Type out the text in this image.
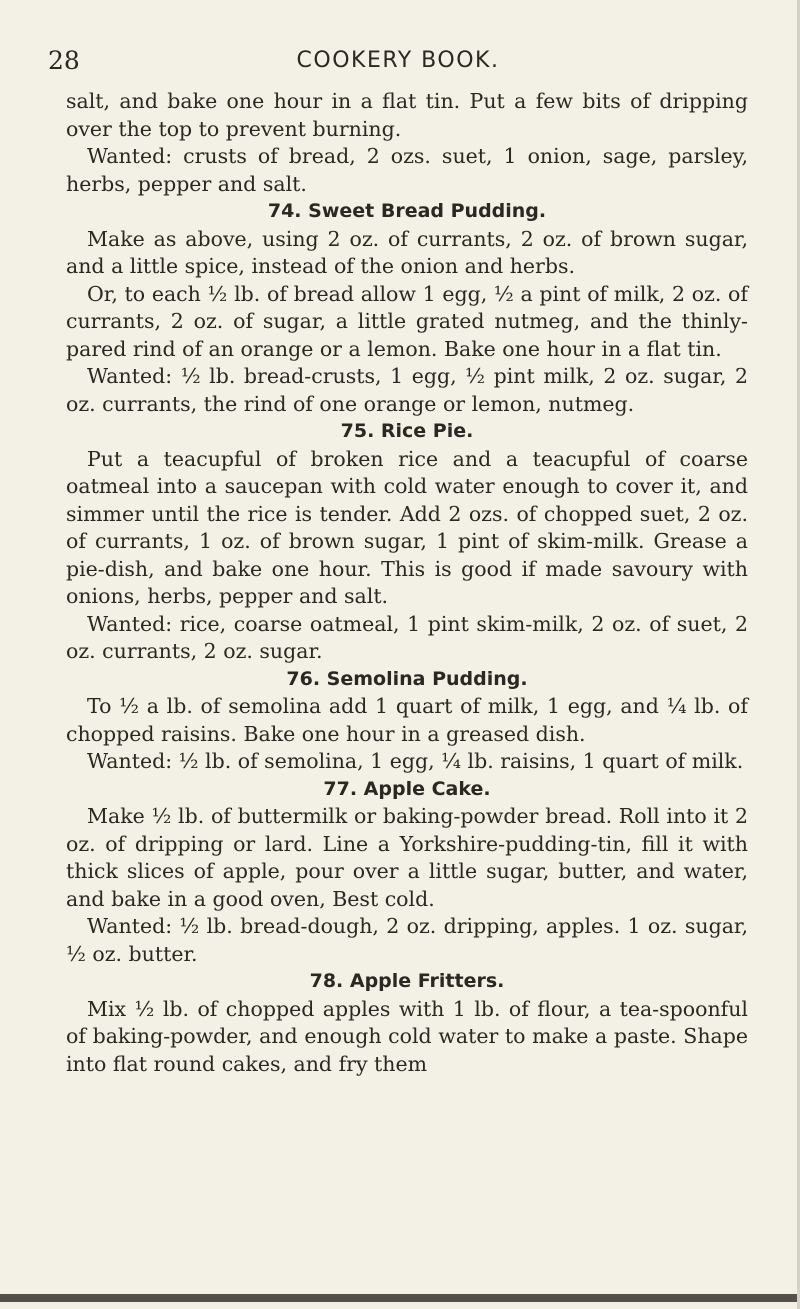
28	COOKERY BOOK.

salt, and bake one hour in a flat tin. Put a few bits of dripping over the top to prevent burning.

Wanted: crusts of bread, 2 ozs. suet, 1 onion, sage, parsley, herbs, pepper and salt.

74. Sweet Bread Pudding.

Make as above, using 2 oz. of currants, 2 oz. of brown sugar, and a little spice, instead of the onion and herbs.

Or, to each ½ lb. of bread allow 1 egg, ½ a pint of milk, 2 oz. of currants, 2 oz. of sugar, a little grated nutmeg, and the thinly-pared rind of an orange or a lemon. Bake one hour in a flat tin.

Wanted: ½ lb. bread-crusts, 1 egg, ½ pint milk, 2 oz. sugar, 2 oz. currants, the rind of one orange or lemon, nutmeg.

75. Rice Pie.

Put a teacupful of broken rice and a teacupful of coarse oatmeal into a saucepan with cold water enough to cover it, and simmer until the rice is tender. Add 2 ozs. of chopped suet, 2 oz. of currants, 1 oz. of brown sugar, 1 pint of skim-milk. Grease a pie-dish, and bake one hour. This is good if made savoury with onions, herbs, pepper and salt.

Wanted: rice, coarse oatmeal, 1 pint skim-milk, 2 oz. of suet, 2 oz. currants, 2 oz. sugar.

76. Semolina Pudding.

To ½ a lb. of semolina add 1 quart of milk, 1 egg, and ¼ lb. of chopped raisins. Bake one hour in a greased dish.

Wanted: ½ lb. of semolina, 1 egg, ¼ lb. raisins, 1 quart of milk.

77. Apple Cake.

Make ½ lb. of buttermilk or baking-powder bread. Roll into it 2 oz. of dripping or lard. Line a Yorkshire-pudding-tin, fill it with thick slices of apple, pour over a little sugar, butter, and water, and bake in a good oven, Best cold.

Wanted: ½ lb. bread-dough, 2 oz. dripping, apples. 1 oz. sugar, ½ oz. butter.

78. Apple Fritters.

Mix ½ lb. of chopped apples with 1 lb. of flour, a tea-spoonful of baking-powder, and enough cold water to make a paste. Shape into flat round cakes, and fry them
